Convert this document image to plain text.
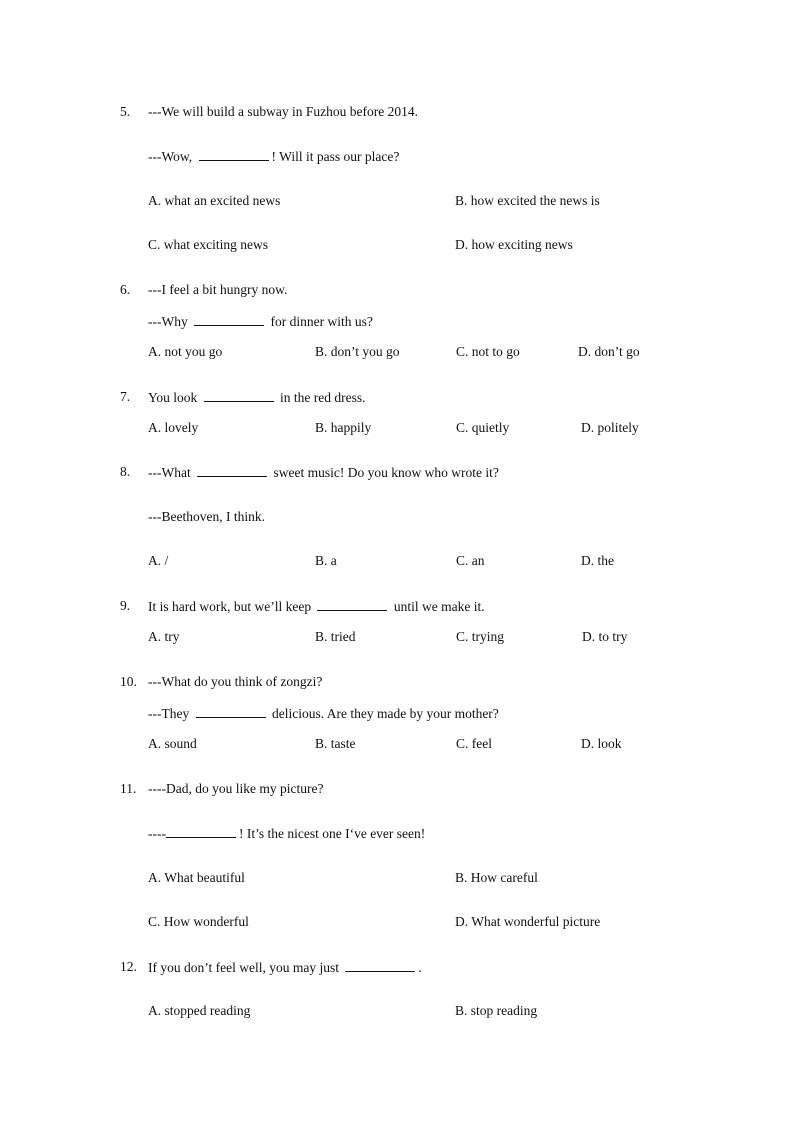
5. ---We will build a subway in Fuzhou before 2014.
---Wow,	! Will it pass our place?
A. what an excited news	B. how excited the news is
C. what exciting news	D. how exciting news
6. ---I feel a bit hungry now.
---Why	for dinner with us?
A. not you go	B. don’t you go	C. not to go	D. don’t go
7. You look	in the red dress.
A. lovely	B. happily	C. quietly	D. politely
8. ---What	sweet music! Do you know who wrote it?
---Beethoven, I think.
A. /	B. a	C. an	D. the
9. It is hard work, but we’ll keep	until we make it.
A. try	B. tried	C. trying	D. to try
10. ---What do you think of zongzi?
---They	delicious. Are they made by your mother?
A. sound	B. taste	C. feel	D. look
11. ----Dad, do you like my picture?
----	! It’s the nicest one I‘ve ever seen!
A. What beautiful	B. How careful
C. How wonderful	D. What wonderful picture
12. If you don’t feel well, you may just	.
A. stopped reading	B. stop reading
